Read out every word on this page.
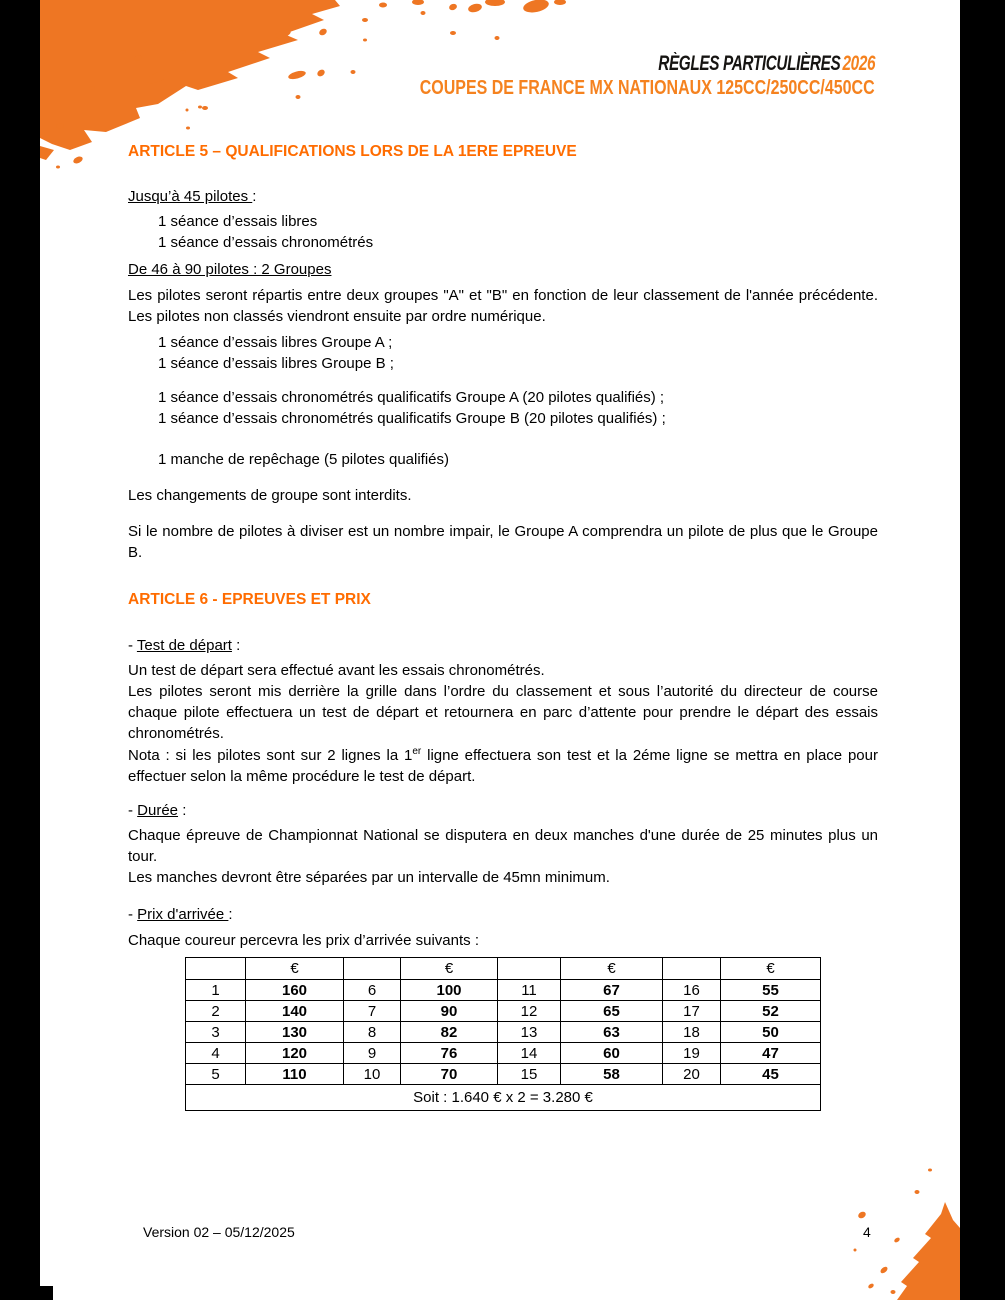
RÈGLES PARTICULIÈRES 2026
COUPES DE FRANCE MX NATIONAUX 125CC/250CC/450CC
ARTICLE 5 – QUALIFICATIONS LORS DE LA 1ERE EPREUVE
Jusqu’à 45 pilotes :
1 séance d’essais libres
1 séance d’essais chronométrés
De 46 à 90 pilotes : 2 Groupes

Les pilotes seront répartis entre deux groupes "A" et "B" en fonction de leur classement de l'année précédente. Les pilotes non classés viendront ensuite par ordre numérique.

1 séance d’essais libres Groupe A ;
1 séance d’essais libres Groupe B ;
1 séance d’essais chronométrés qualificatifs Groupe A (20 pilotes qualifiés) ;
1 séance d’essais chronométrés qualificatifs Groupe B (20 pilotes qualifiés) ;
1 manche de repêchage (5 pilotes qualifiés)

Les changements de groupe sont interdits.

Si le nombre de pilotes à diviser est un nombre impair, le Groupe A comprendra un pilote de plus que le Groupe B.

ARTICLE 6 - EPREUVES ET PRIX
- Test de départ :

Un test de départ sera effectué avant les essais chronométrés.

Les pilotes seront mis derrière la grille dans l’ordre du classement et sous l’autorité du directeur de course chaque pilote effectuera un test de départ et retournera en parc d’attente pour prendre le départ des essais chronométrés.

Nota : si les pilotes sont sur 2 lignes la 1er ligne effectuera son test et la 2éme ligne se mettra en place pour effectuer selon la même procédure le test de départ.

- Durée :

Chaque épreuve de Championnat National se disputera en deux manches d'une durée de 25 minutes plus un tour.

Les manches devront être séparées par un intervalle de 45mn minimum.

- Prix d'arrivée :

Chaque coureur percevra les prix d’arrivée suivants :

	€		€		€		€
1	160	6	100	11	67	16	55
2	140	7	90	12	65	17	52
3	130	8	82	13	63	18	50
4	120	9	76	14	60	19	47
5	110	10	70	15	58	20	45
Soit : 1.640 € x 2 = 3.280 €							
Version 02 – 05/12/2025	4
